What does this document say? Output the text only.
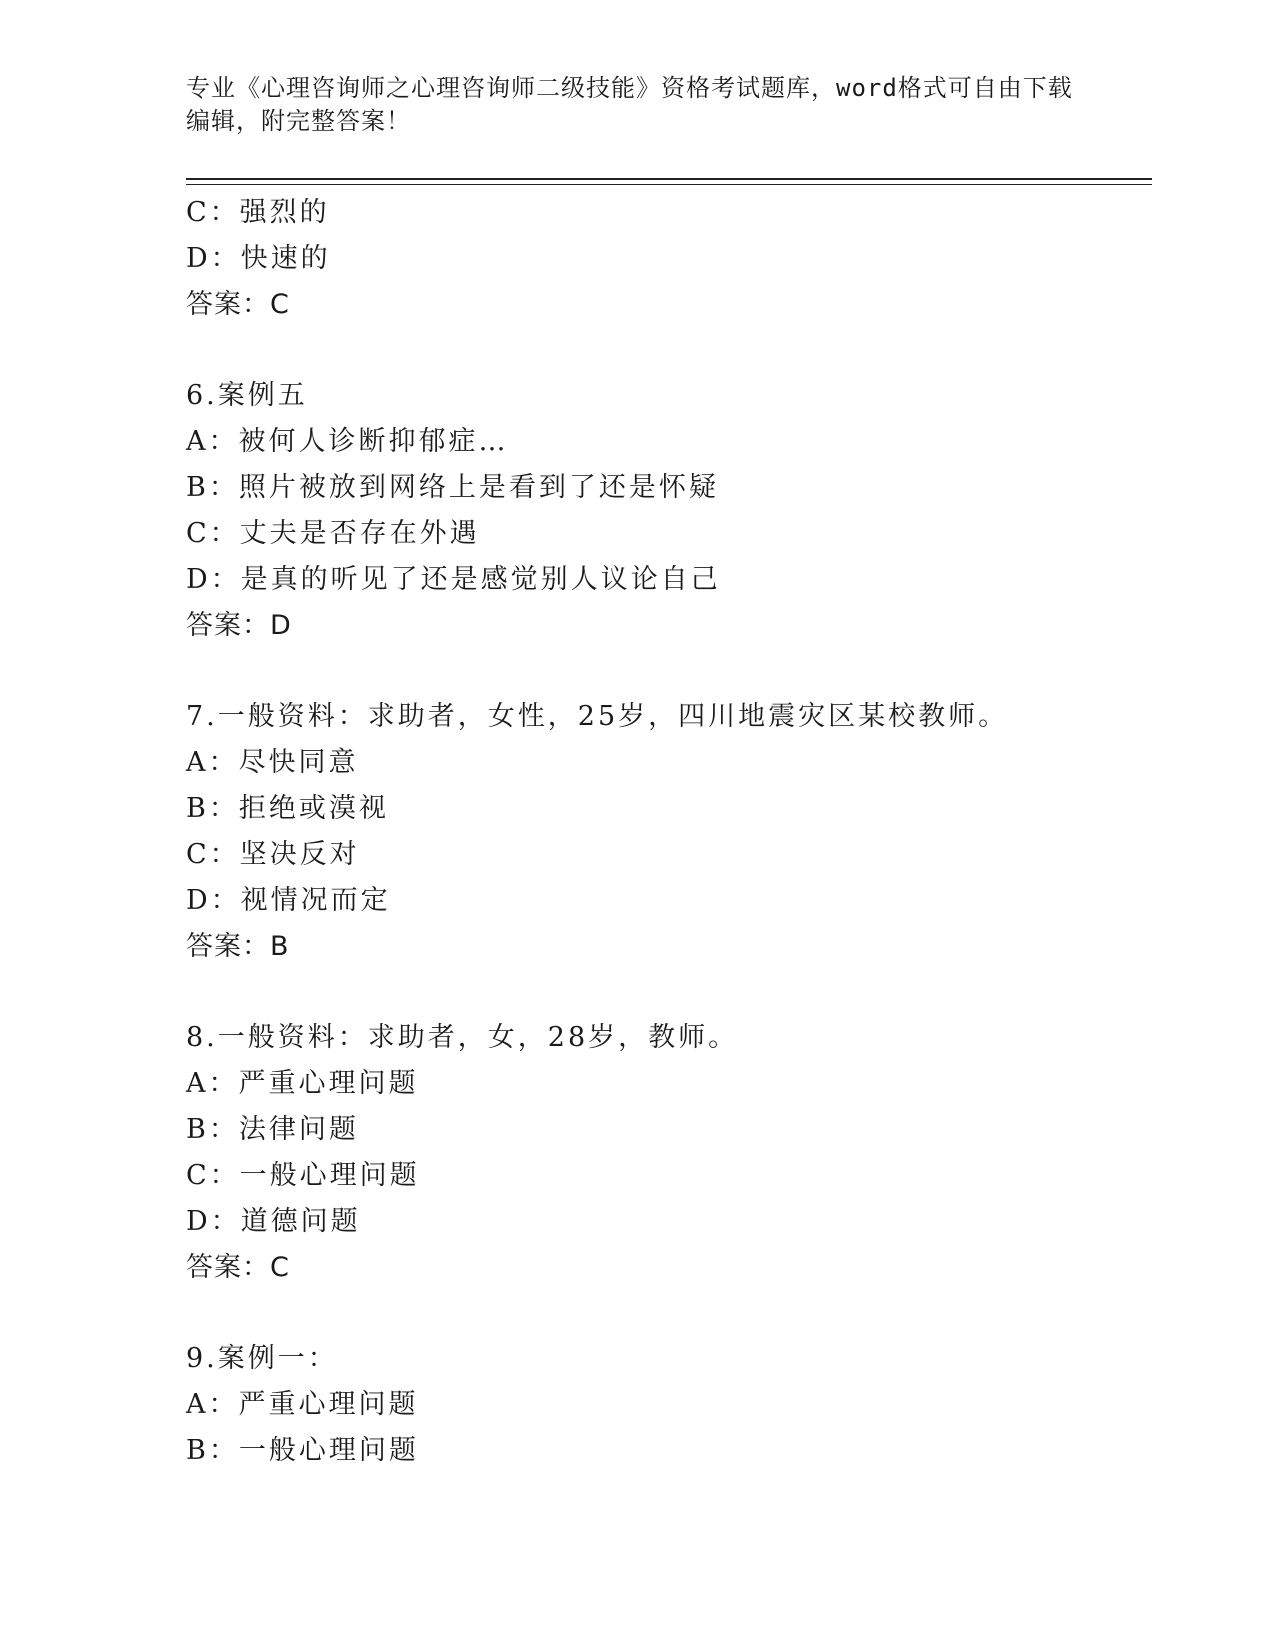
专业《心理咨询师之心理咨询师二级技能》资格考试题库，word格式可自由下载
编辑，附完整答案！
C：强烈的
D：快速的
答案：C
6.案例五
A：被何人诊断抑郁症…
B：照片被放到网络上是看到了还是怀疑
C：丈夫是否存在外遇
D：是真的听见了还是感觉别人议论自己
答案：D
7.一般资料：求助者，女性，25岁，四川地震灾区某校教师。
A：尽快同意
B：拒绝或漠视
C：坚决反对
D：视情况而定
答案：B
8.一般资料：求助者，女，28岁，教师。
A：严重心理问题
B：法律问题
C：一般心理问题
D：道德问题
答案：C
9.案例一：
A：严重心理问题
B：一般心理问题
